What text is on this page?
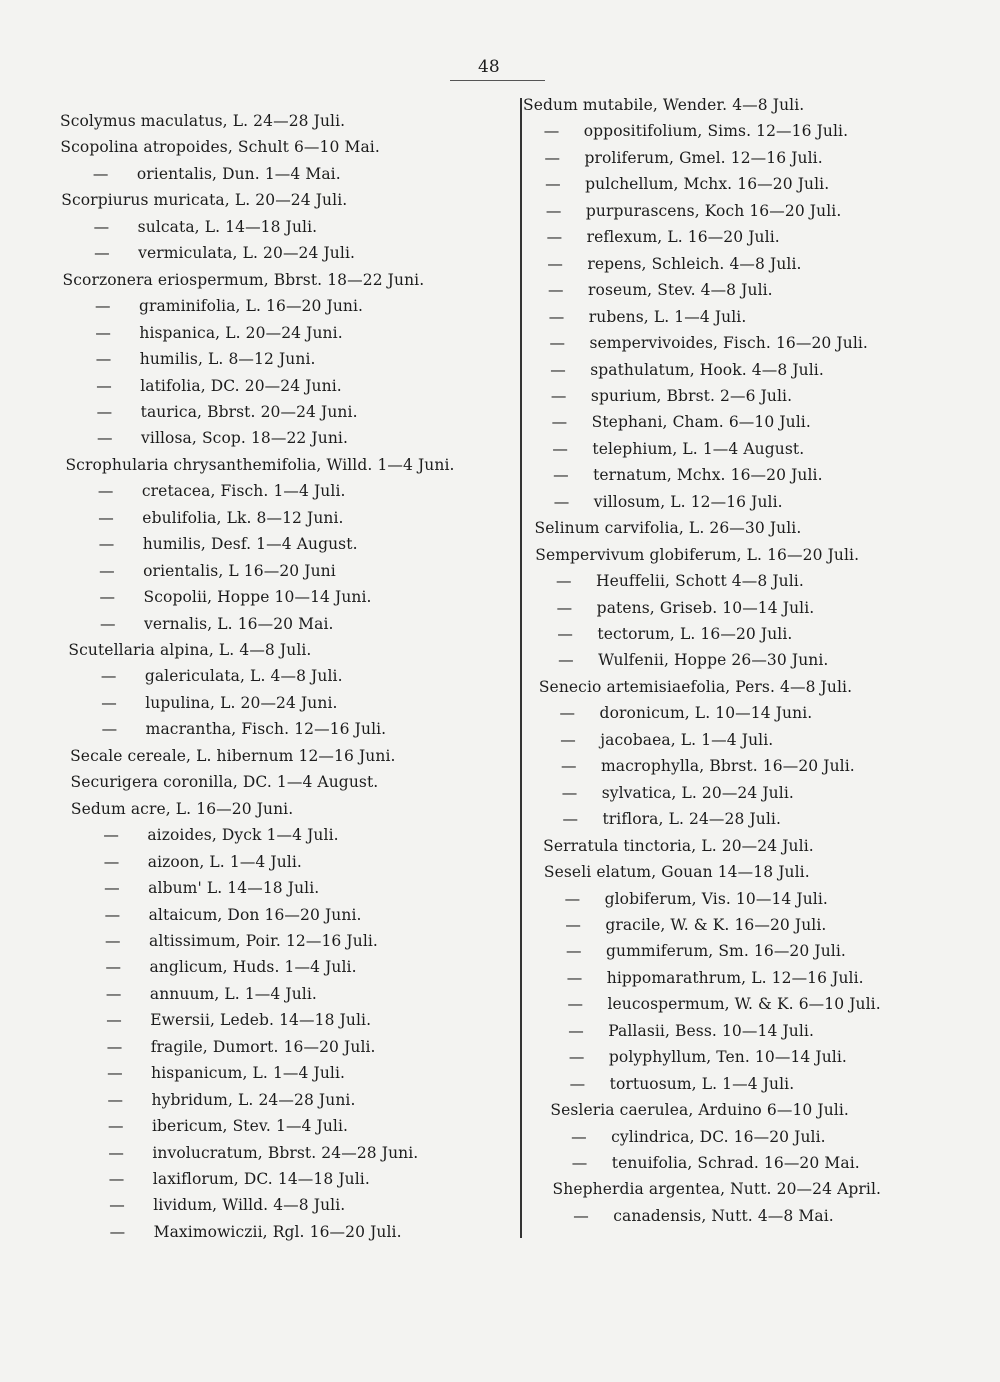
48
Scolymus maculatus, L. 24—28 Juli.
Scopolina atropoides, Schult 6—10 Mai.
— orientalis, Dun. 1—4 Mai.
Scorpiurus muricata, L. 20—24 Juli.
— sulcata, L. 14—18 Juli.
— vermiculata, L. 20—24 Juli.
Scorzonera eriospermum, Bbrst. 18—22 Juni.
— graminifolia, L. 16—20 Juni.
— hispanica, L. 20—24 Juni.
— humilis, L. 8—12 Juni.
— latifolia, DC. 20—24 Juni.
— taurica, Bbrst. 20—24 Juni.
— villosa, Scop. 18—22 Juni.
Scrophularia chrysanthemifolia, Willd. 1—4 Juni.
— cretacea, Fisch. 1—4 Juli.
— ebulifolia, Lk. 8—12 Juni.
— humilis, Desf. 1—4 August.
— orientalis, L 16—20 Juni
— Scopolii, Hoppe 10—14 Juni.
— vernalis, L. 16—20 Mai.
Scutellaria alpina, L. 4—8 Juli.
— galericulata, L. 4—8 Juli.
— lupulina, L. 20—24 Juni.
— macrantha, Fisch. 12—16 Juli.
Secale cereale, L. hibernum 12—16 Juni.
Securigera coronilla, DC. 1—4 August.
Sedum acre, L. 16—20 Juni.
— aizoides, Dyck 1—4 Juli.
— aizoon, L. 1—4 Juli.
— album' L. 14—18 Juli.
— altaicum, Don 16—20 Juni.
— altissimum, Poir. 12—16 Juli.
— anglicum, Huds. 1—4 Juli.
— annuum, L. 1—4 Juli.
— Ewersii, Ledeb. 14—18 Juli.
— fragile, Dumort. 16—20 Juli.
— hispanicum, L. 1—4 Juli.
— hybridum, L. 24—28 Juni.
— ibericum, Stev. 1—4 Juli.
— involucratum, Bbrst. 24—28 Juni.
— laxiflorum, DC. 14—18 Juli.
— lividum, Willd. 4—8 Juli.
— Maximowiczii, Rgl. 16—20 Juli.
Sedum mutabile, Wender. 4—8 Juli.
— oppositifolium, Sims. 12—16 Juli.
— proliferum, Gmel. 12—16 Juli.
— pulchellum, Mchx. 16—20 Juli.
— purpurascens, Koch 16—20 Juli.
— reflexum, L. 16—20 Juli.
— repens, Schleich. 4—8 Juli.
— roseum, Stev. 4—8 Juli.
— rubens, L. 1—4 Juli.
— sempervivoides, Fisch. 16—20 Juli.
— spathulatum, Hook. 4—8 Juli.
— spurium, Bbrst. 2—6 Juli.
— Stephani, Cham. 6—10 Juli.
— telephium, L. 1—4 August.
— ternatum, Mchx. 16—20 Juli.
— villosum, L. 12—16 Juli.
Selinum carvifolia, L. 26—30 Juli.
Sempervivum globiferum, L. 16—20 Juli.
— Heuffelii, Schott 4—8 Juli.
— patens, Griseb. 10—14 Juli.
— tectorum, L. 16—20 Juli.
— Wulfenii, Hoppe 26—30 Juni.
Senecio artemisiaefolia, Pers. 4—8 Juli.
— doronicum, L. 10—14 Juni.
— jacobaea, L. 1—4 Juli.
— macrophylla, Bbrst. 16—20 Juli.
— sylvatica, L. 20—24 Juli.
— triflora, L. 24—28 Juli.
Serratula tinctoria, L. 20—24 Juli.
Seseli elatum, Gouan 14—18 Juli.
— globiferum, Vis. 10—14 Juli.
— gracile, W. & K. 16—20 Juli.
— gummiferum, Sm. 16—20 Juli.
— hippomarathrum, L. 12—16 Juli.
— leucospermum, W. & K. 6—10 Juli.
— Pallasii, Bess. 10—14 Juli.
— polyphyllum, Ten. 10—14 Juli.
— tortuosum, L. 1—4 Juli.
Sesleria caerulea, Arduino 6—10 Juli.
— cylindrica, DC. 16—20 Juli.
— tenuifolia, Schrad. 16—20 Mai.
Shepherdia argentea, Nutt. 20—24 April.
— canadensis, Nutt. 4—8 Mai.
